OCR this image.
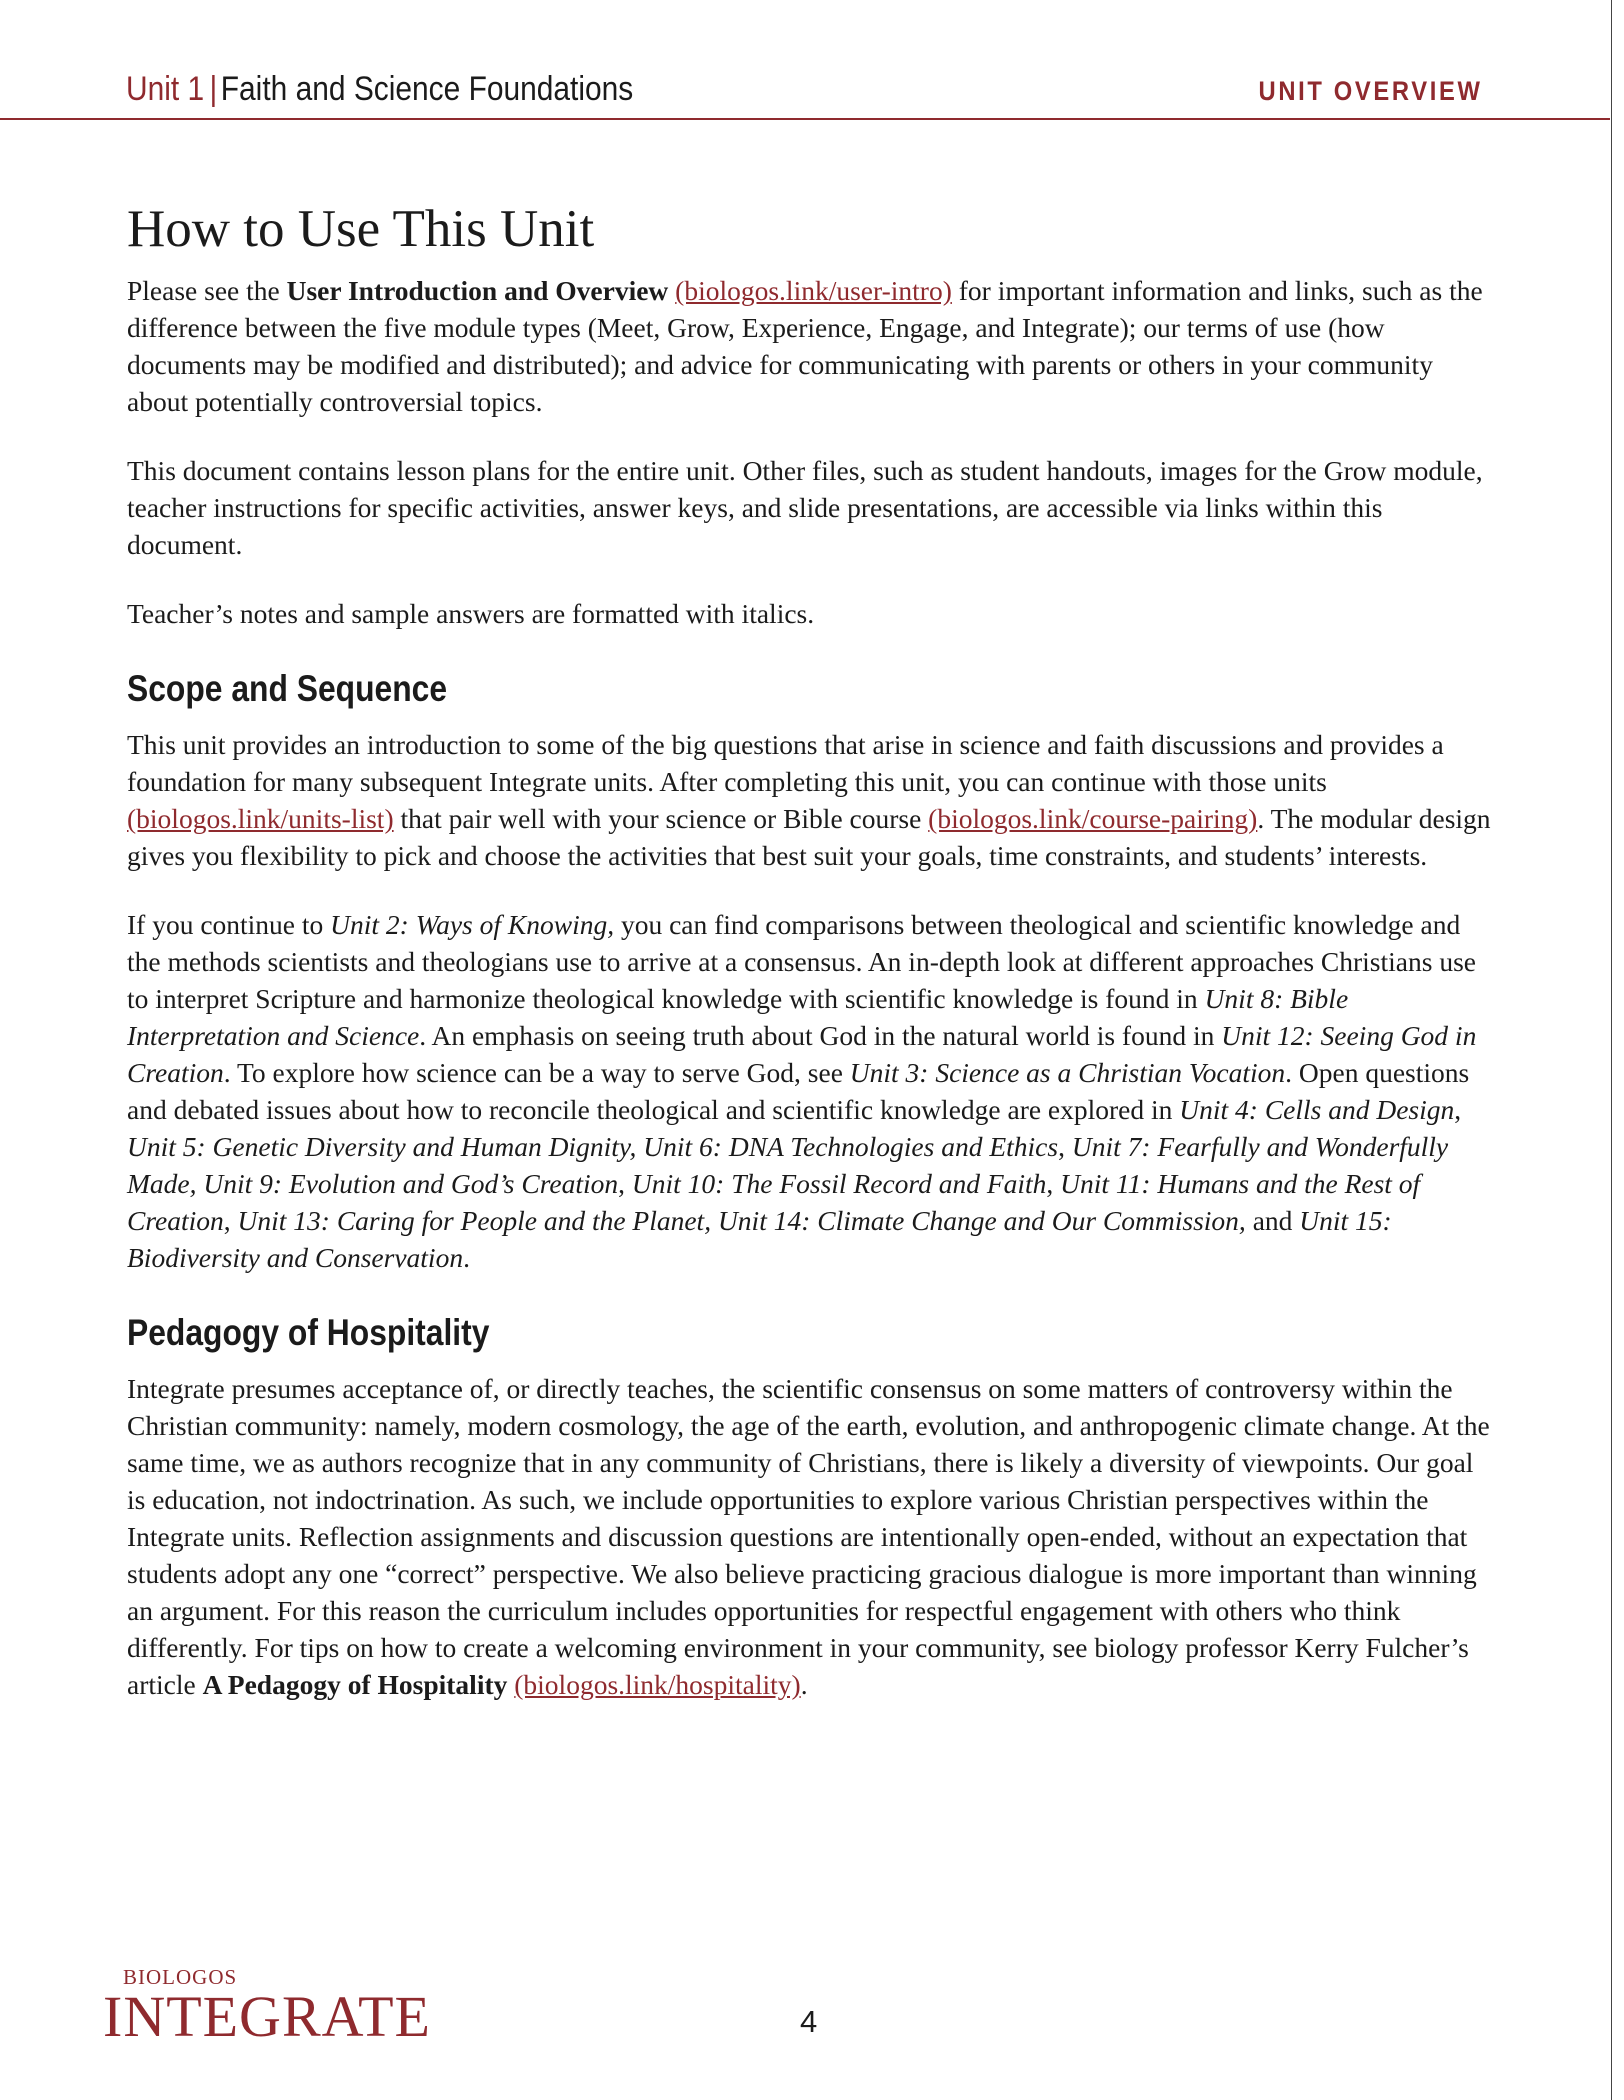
Unit 1 | Faith and Science Foundations	UNIT OVERVIEW
How to Use This Unit

Please see the User Introduction and Overview (biologos.link/user-intro) for important information and links, such as the difference between the five module types (Meet, Grow, Experience, Engage, and Integrate); our terms of use (how documents may be modified and distributed); and advice for communicating with parents or others in your community about potentially controversial topics.

This document contains lesson plans for the entire unit. Other files, such as student handouts, images for the Grow module, teacher instructions for specific activities, answer keys, and slide presentations, are accessible via links within this document.

Teacher’s notes and sample answers are formatted with italics.

Scope and Sequence

This unit provides an introduction to some of the big questions that arise in science and faith discussions and provides a foundation for many subsequent Integrate units. After completing this unit, you can continue with those units (biologos.link/units-list) that pair well with your science or Bible course (biologos.link/course-pairing). The modular design gives you flexibility to pick and choose the activities that best suit your goals, time constraints, and students’ interests.

If you continue to Unit 2: Ways of Knowing, you can find comparisons between theological and scientific knowledge and the methods scientists and theologians use to arrive at a consensus. An in-depth look at different approaches Christians use to interpret Scripture and harmonize theological knowledge with scientific knowledge is found in Unit 8: Bible Interpretation and Science. An emphasis on seeing truth about God in the natural world is found in Unit 12: Seeing God in Creation. To explore how science can be a way to serve God, see Unit 3: Science as a Christian Vocation. Open questions and debated issues about how to reconcile theological and scientific knowledge are explored in Unit 4: Cells and Design, Unit 5: Genetic Diversity and Human Dignity, Unit 6: DNA Technologies and Ethics, Unit 7: Fearfully and Wonderfully Made, Unit 9: Evolution and God’s Creation, Unit 10: The Fossil Record and Faith, Unit 11: Humans and the Rest of Creation, Unit 13: Caring for People and the Planet, Unit 14: Climate Change and Our Commission, and Unit 15: Biodiversity and Conservation.

Pedagogy of Hospitality

Integrate presumes acceptance of, or directly teaches, the scientific consensus on some matters of controversy within the Christian community: namely, modern cosmology, the age of the earth, evolution, and anthropogenic climate change. At the same time, we as authors recognize that in any community of Christians, there is likely a diversity of viewpoints. Our goal is education, not indoctrination. As such, we include opportunities to explore various Christian perspectives within the Integrate units. Reflection assignments and discussion questions are intentionally open-ended, without an expectation that students adopt any one “correct” perspective. We also believe practicing gracious dialogue is more important than winning an argument. For this reason the curriculum includes opportunities for respectful engagement with others who think differently. For tips on how to create a welcoming environment in your community, see biology professor Kerry Fulcher’s article A Pedagogy of Hospitality (biologos.link/hospitality).

BIOLOGOS
INTEGRATE	4
